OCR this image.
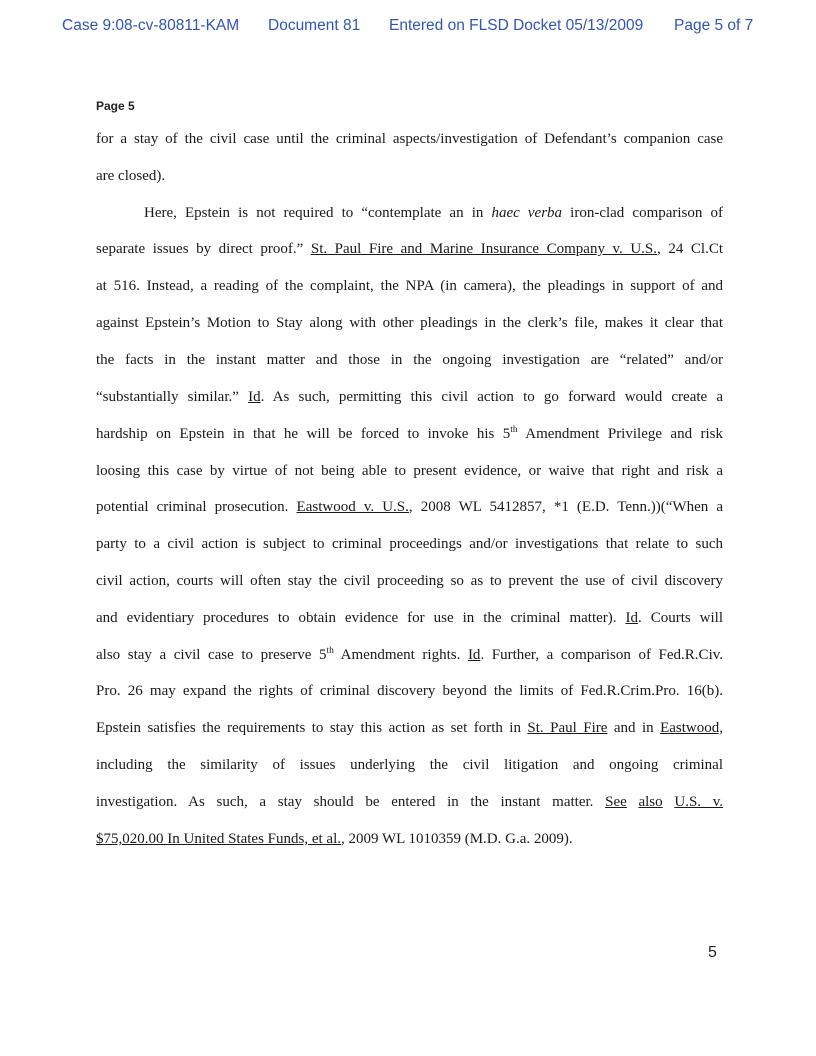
Case 9:08-cv-80811-KAM Document 81 Entered on FLSD Docket 05/13/2009 Page 5 of 7
Page 5
for a stay of the civil case until the criminal aspects/investigation of Defendant’s companion case
are closed).
Here, Epstein is not required to “contemplate an in haec verba iron-clad comparison of
separate issues by direct proof.” St. Paul Fire and Marine Insurance Company v. U.S., 24 Cl.Ct
at 516. Instead, a reading of the complaint, the NPA (in camera), the pleadings in support of and
against Epstein’s Motion to Stay along with other pleadings in the clerk’s file, makes it clear that
the facts in the instant matter and those in the ongoing investigation are “related” and/or
“substantially similar.” Id. As such, permitting this civil action to go forward would create a
hardship on Epstein in that he will be forced to invoke his 5th Amendment Privilege and risk
loosing this case by virtue of not being able to present evidence, or waive that right and risk a
potential criminal prosecution. Eastwood v. U.S., 2008 WL 5412857, *1 (E.D. Tenn.))(“When a
party to a civil action is subject to criminal proceedings and/or investigations that relate to such
civil action, courts will often stay the civil proceeding so as to prevent the use of civil discovery
and evidentiary procedures to obtain evidence for use in the criminal matter). Id. Courts will
also stay a civil case to preserve 5th Amendment rights. Id. Further, a comparison of Fed.R.Civ.
Pro. 26 may expand the rights of criminal discovery beyond the limits of Fed.R.Crim.Pro. 16(b).
Epstein satisfies the requirements to stay this action as set forth in St. Paul Fire and in Eastwood,
including the similarity of issues underlying the civil litigation and ongoing criminal
investigation. As such, a stay should be entered in the instant matter. See also U.S. v.
$75,020.00 In United States Funds, et al., 2009 WL 1010359 (M.D. G.a. 2009).
5
